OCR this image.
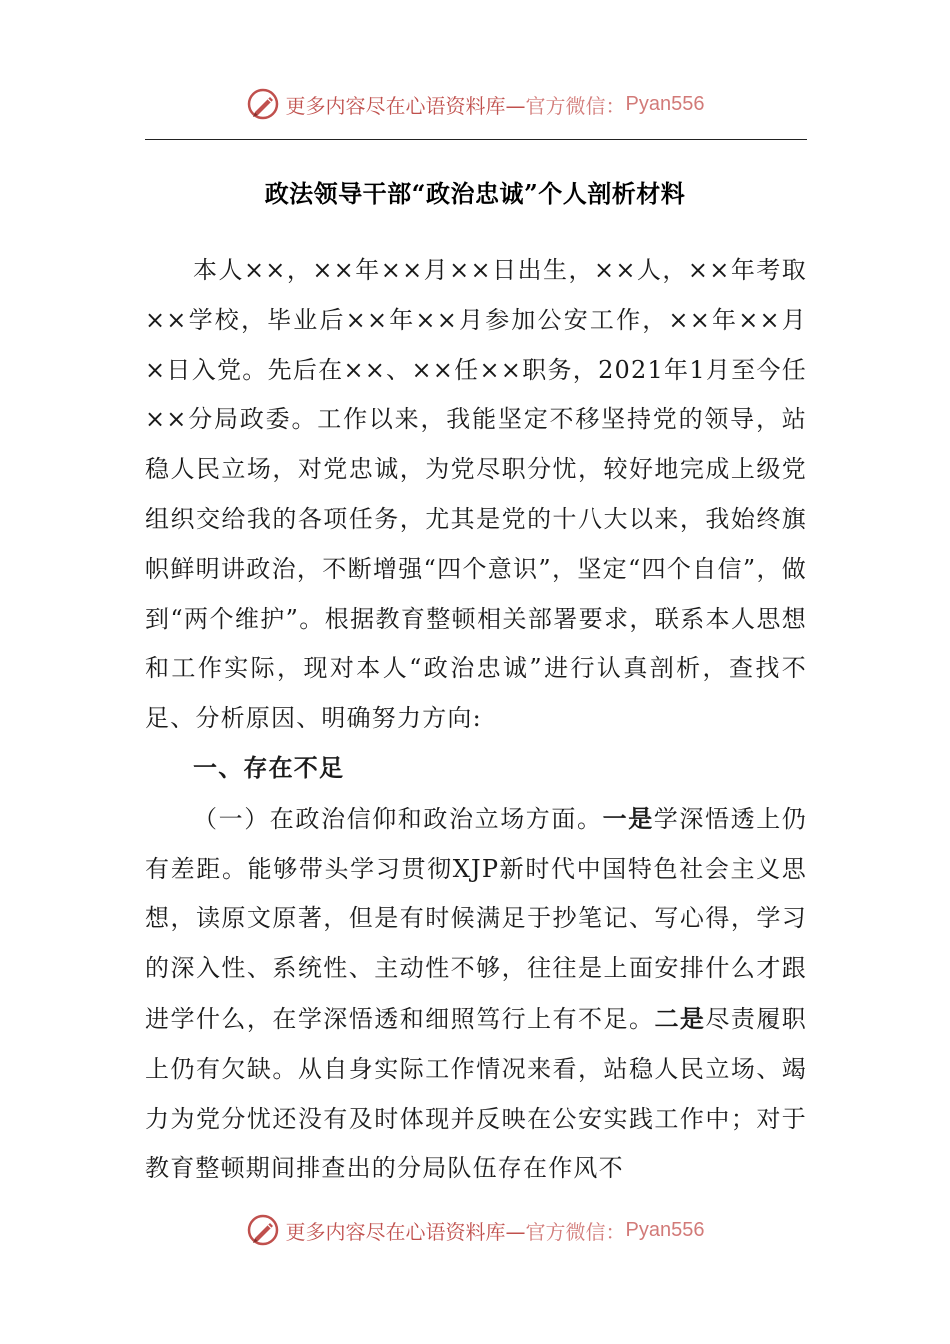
更多内容尽在心语资料库— 官方微信： Pyan556
政法领导干部“政治忠诚”个人剖析材料

本人××，××年××月××日出生，××人，××年考取××学校，毕业后××年××月参加公安工作，××年××月×日入党。先后在××、××任××职务，2021年1月至今任××分局政委。工作以来，我能坚定不移坚持党的领导，站稳人民立场，对党忠诚，为党尽职分忧，较好地完成上级党组织交给我的各项任务，尤其是党的十八大以来，我始终旗帜鲜明讲政治，不断增强“四个意识”，坚定“四个自信”，做到“两个维护”。根据教育整顿相关部署要求，联系本人思想和工作实际，现对本人“政治忠诚”进行认真剖析，查找不足、分析原因、明确努力方向:

一、存在不足

（一）在政治信仰和政治立场方面。一是学深悟透上仍有差距。能够带头学习贯彻XJP新时代中国特色社会主义思想，读原文原著，但是有时候满足于抄笔记、写心得，学习的深入性、系统性、主动性不够，往往是上面安排什么才跟进学什么，在学深悟透和细照笃行上有不足。二是尽责履职上仍有欠缺。从自身实际工作情况来看，站稳人民立场、竭力为党分忧还没有及时体现并反映在公安实践工作中；对于教育整顿期间排查出的分局队伍存在作风不

更多内容尽在心语资料库— 官方微信： Pyan556
